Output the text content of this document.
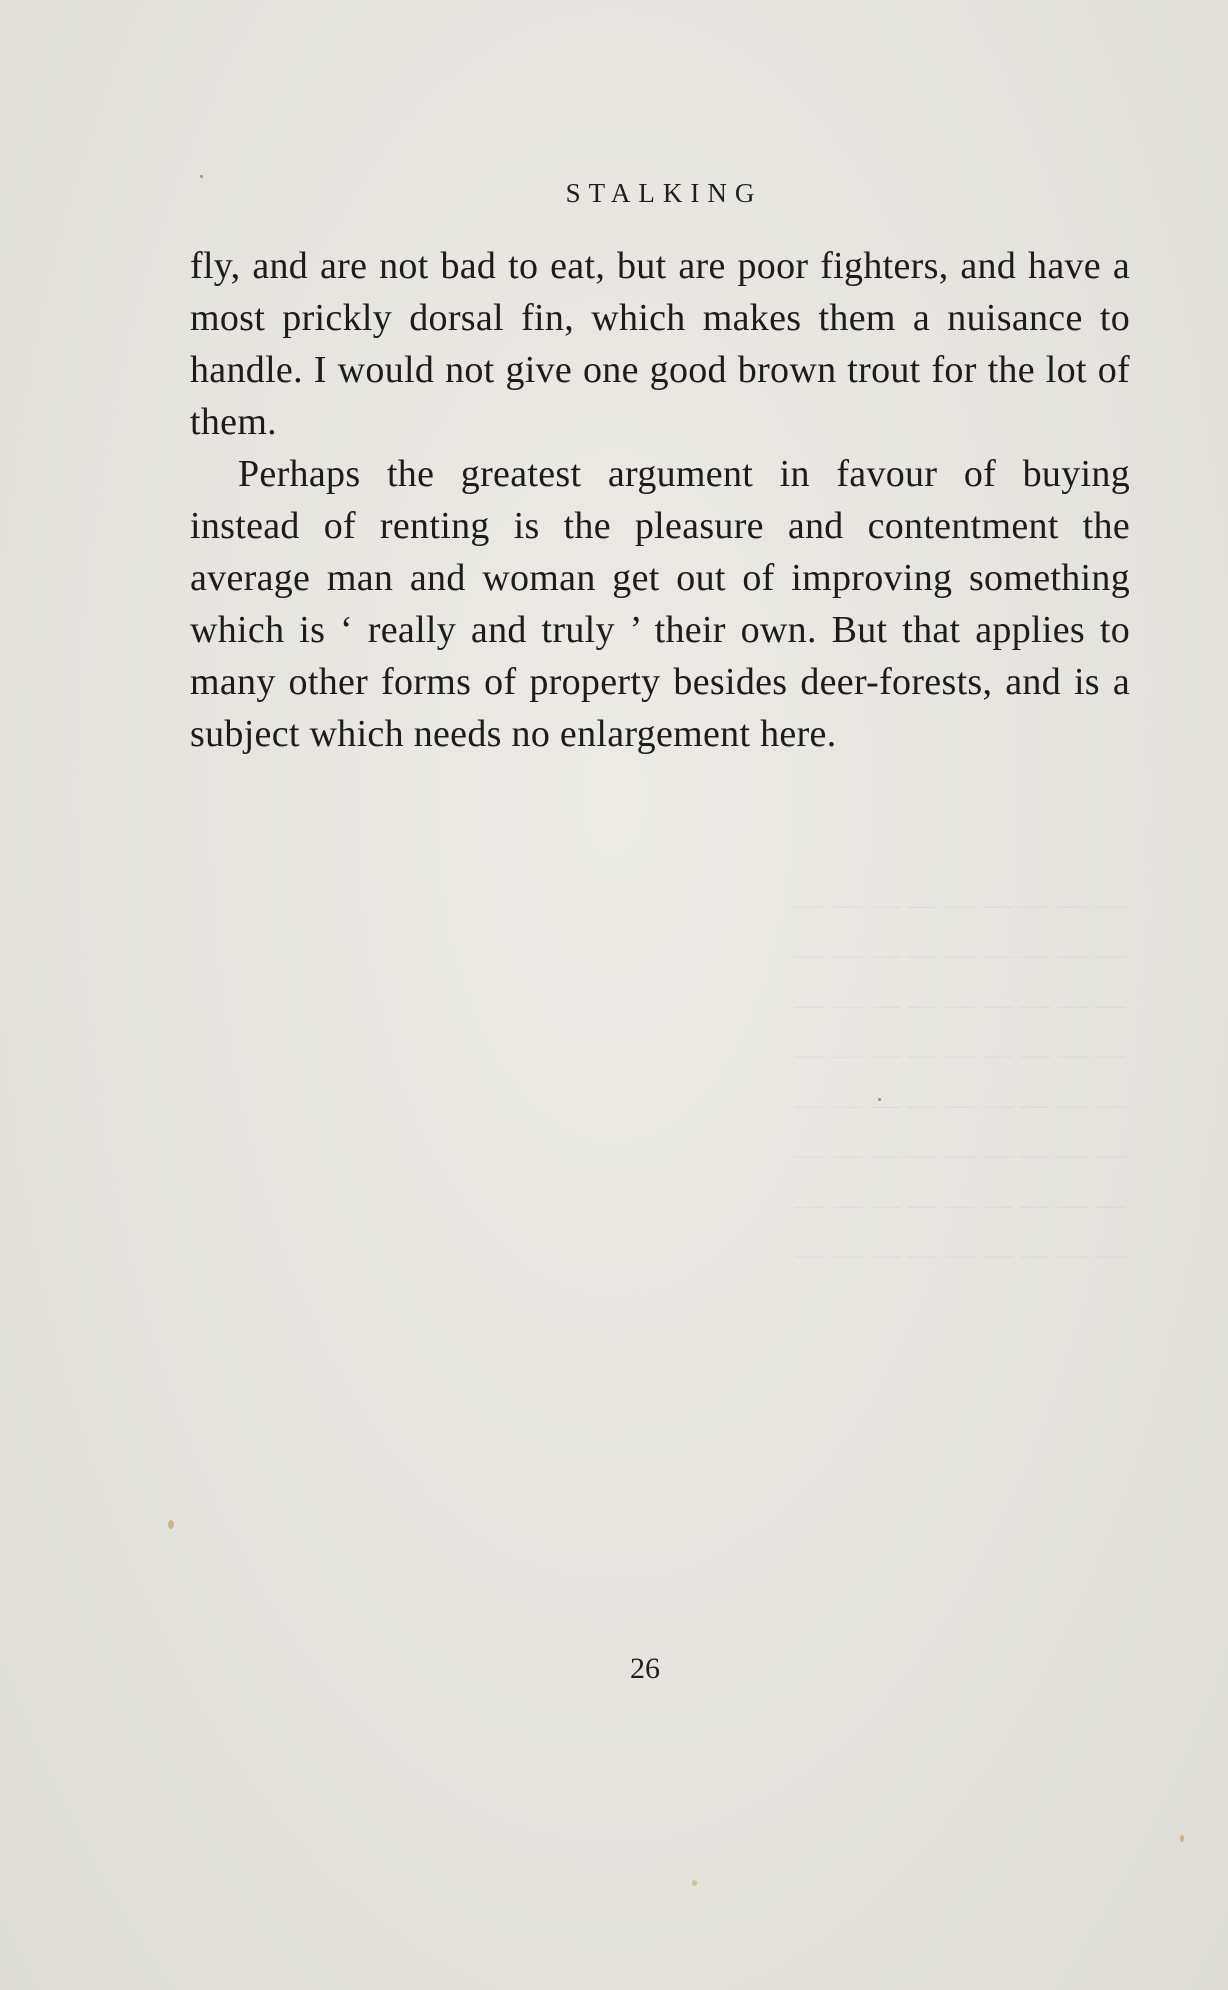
STALKING

fly, and are not bad to eat, but are poor fighters, and have a most prickly dorsal fin, which makes them a nuisance to handle. I would not give one good brown trout for the lot of them.

Perhaps the greatest argument in favour of buying instead of renting is the pleasure and contentment the average man and woman get out of improving something which is ‘ really and truly ’ their own. But that applies to many other forms of property besides deer-forests, and is a subject which needs no enlargement here.

26
